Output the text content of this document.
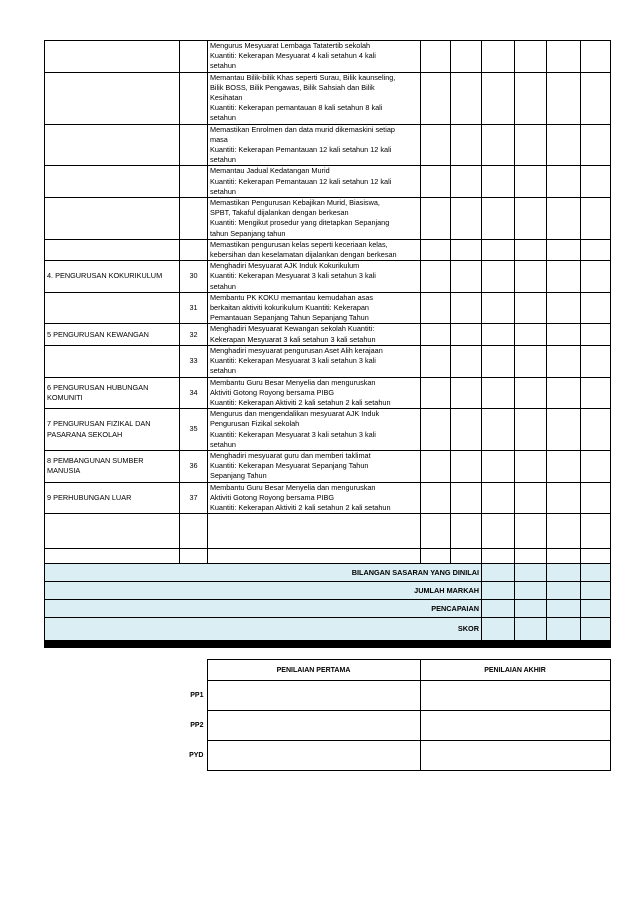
		Mengurus Mesyuarat Lembaga Tatatertib sekolah
Kuantiti: Kekerapan Mesyuarat 4 kali setahun 4 kali
setahun						

		Memantau Bilik-bilik Khas seperti Surau, Bilik kaunseling,
Bilik BOSS, Bilik Pengawas, Bilik Sahsiah dan Bilik
Kesihatan
Kuantiti: Kekerapan pemantauan 8 kali setahun 8 kali
setahun						

		Memastikan Enrolmen dan data murid dikemaskini setiap
masa
Kuantiti: Kekerapan Pemantauan 12 kali setahun 12 kali
setahun						

		Memantau Jadual Kedatangan Murid
Kuantiti: Kekerapan Pemantauan 12 kali setahun 12 kali
setahun						

		Memastikan Pengurusan Kebajikan Murid, Biasiswa,
SPBT, Takaful dijalankan dengan berkesan
Kuantiti: Mengikut prosedur yang ditetapkan Sepanjang
tahun Sepanjang tahun						

		Memastikan pengurusan kelas seperti keceriaan kelas,
kebersihan dan keselamatan dijalankan dengan berkesan						

4. PENGURUSAN KOKURIKULUM	30	Menghadiri Mesyuarat AJK Induk Kokurikulum
Kuantiti: Kekerapan Mesyuarat 3 kali setahun 3 kali
setahun						

	31	Membantu PK KOKU memantau kemudahan asas
berkaitan aktiviti kokurikulum Kuantiti: Kekerapan
Pemantauan Sepanjang Tahun Sepanjang Tahun						

5 PENGURUSAN KEWANGAN	32	Menghadiri Mesyuarat Kewangan sekolah Kuantiti:
Kekerapan Mesyuarat 3 kali setahun 3 kali setahun						

	33	Menghadiri mesyuarat pengurusan Aset Alih kerajaan
Kuantiti: Kekerapan Mesyuarat 3 kali setahun 3 kali
setahun						

6 PENGURUSAN HUBUNGAN KOMUNITI	34	Membantu Guru Besar Menyelia dan menguruskan
Aktiviti Gotong Royong bersama PIBG
Kuantiti: Kekerapan Aktiviti 2 kali setahun 2 kali setahun						

7 PENGURUSAN FIZIKAL DAN PASARANA SEKOLAH	35	Mengurus dan mengendalikan mesyuarat AJK Induk
Pengurusan Fizikal sekolah
Kuantiti: Kekerapan Mesyuarat 3 kali setahun 3 kali
setahun						

8 PEMBANGUNAN SUMBER MANUSIA	36	Menghadiri mesyuarat guru dan memberi taklimat
Kuantiti: Kekerapan Mesyuarat Sepanjang Tahun
Sepanjang Tahun						

9 PERHUBUNGAN LUAR	37	Membantu Guru Besar Menyelia dan menguruskan
Aktiviti Gotong Royong bersama PIBG
Kuantiti: Kekerapan Aktiviti 2 kali setahun 2 kali setahun						

BILANGAN SASARAN YANG DINILAI								
JUMLAH MARKAH								
PENCAPAIAN								
SKOR								

		PENILAIAN PERTAMA	PENILAIAN AKHIR
PP1			
PP2			
PYD			
